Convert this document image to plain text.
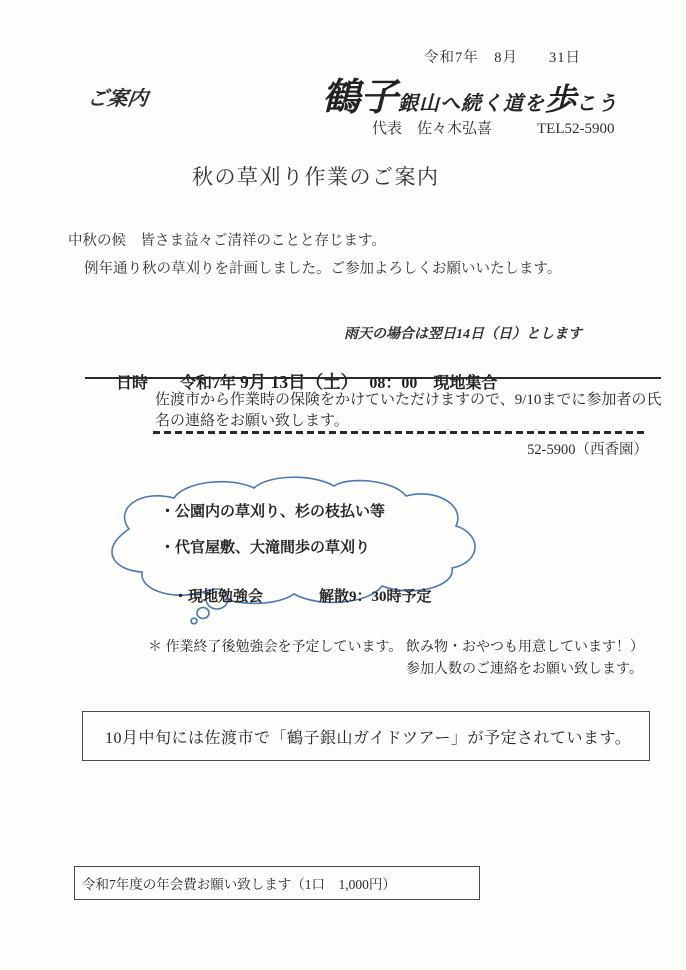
令和7年　8月　　31日
ご案内	鶴子銀山へ続く道を歩こう
代表　佐々木弘喜　　　TEL52-5900
秋の草刈り作業のご案内
中秋の候　皆さま益々ご清祥のことと存じます。
例年通り秋の草刈りを計画しました。ご参加よろしくお願いいたします。
雨天の場合は翌日14日（日）とします

日時　　 令和7年 9月 13日（土）　 08：00　現地集合

佐渡市から作業時の保険をかけていただけますので、9/10までに参加者の氏名の連絡をお願い致します。
52-5900（西香園）
・公園内の草刈り、杉の枝払い等
・代官屋敷、大滝間歩の草刈り

・現地勉強会	解散9：30時予定

＊ 作業終了後勉強会を予定しています。 飲み物・おやつも用意しています！）
参加人数のご連絡をお願い致します。
10月中旬には佐渡市で「鶴子銀山ガイドツアー」が予定されています。
令和7年度の年会費お願い致します（1口　1,000円）
